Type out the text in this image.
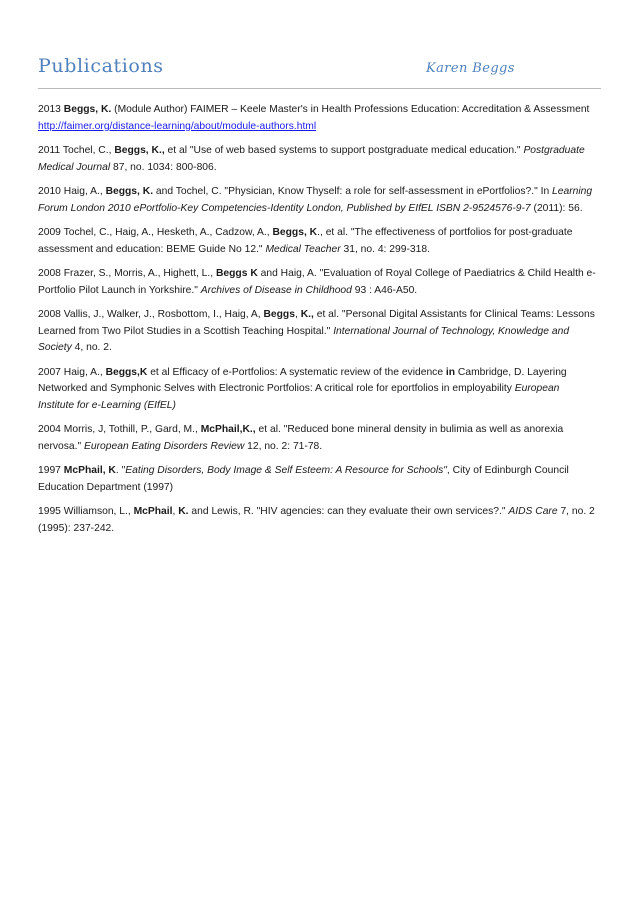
Publications	Karen Beggs
2013 Beggs, K. (Module Author) FAIMER – Keele Master's in Health Professions Education: Accreditation & Assessment
http://faimer.org/distance-learning/about/module-authors.html
2011 Tochel, C., Beggs, K., et al "Use of web based systems to support postgraduate medical education." Postgraduate
Medical Journal 87, no. 1034: 800-806.
2010 Haig, A., Beggs, K. and Tochel, C. "Physician, Know Thyself: a role for self-assessment in ePortfolios?." In Learning
Forum London 2010 ePortfolio-Key Competencies-Identity London, Published by EIfEL ISBN 2-9524576-9-7 (2011): 56.
2009 Tochel, C., Haig, A., Hesketh, A., Cadzow, A., Beggs, K., et al. "The effectiveness of portfolios for post-graduate
assessment and education: BEME Guide No 12." Medical Teacher 31, no. 4: 299-318.
2008 Frazer, S., Morris, A., Highett, L., Beggs K and Haig, A. "Evaluation of Royal College of Paediatrics & Child Health e-
Portfolio Pilot Launch in Yorkshire." Archives of Disease in Childhood 93 : A46-A50.
2008 Vallis, J., Walker, J., Rosbottom, I., Haig, A, Beggs, K., et al. "Personal Digital Assistants for Clinical Teams: Lessons
Learned from Two Pilot Studies in a Scottish Teaching Hospital." International Journal of Technology, Knowledge and
Society 4, no. 2.
2007 Haig, A., Beggs,K et al Efficacy of e-Portfolios: A systematic review of the evidence in Cambridge, D. Layering
Networked and Symphonic Selves with Electronic Portfolios: A critical role for eportfolios in employability European
Institute for e-Learning (EIfEL)
2004 Morris, J, Tothill, P., Gard, M., McPhail,K., et al. "Reduced bone mineral density in bulimia as well as anorexia
nervosa." European Eating Disorders Review 12, no. 2: 71-78.
1997 McPhail, K. "Eating Disorders, Body Image & Self Esteem: A Resource for Schools", City of Edinburgh Council
Education Department (1997)
1995 Williamson, L., McPhail, K. and Lewis, R. "HIV agencies: can they evaluate their own services?." AIDS Care 7, no. 2
(1995): 237-242.
